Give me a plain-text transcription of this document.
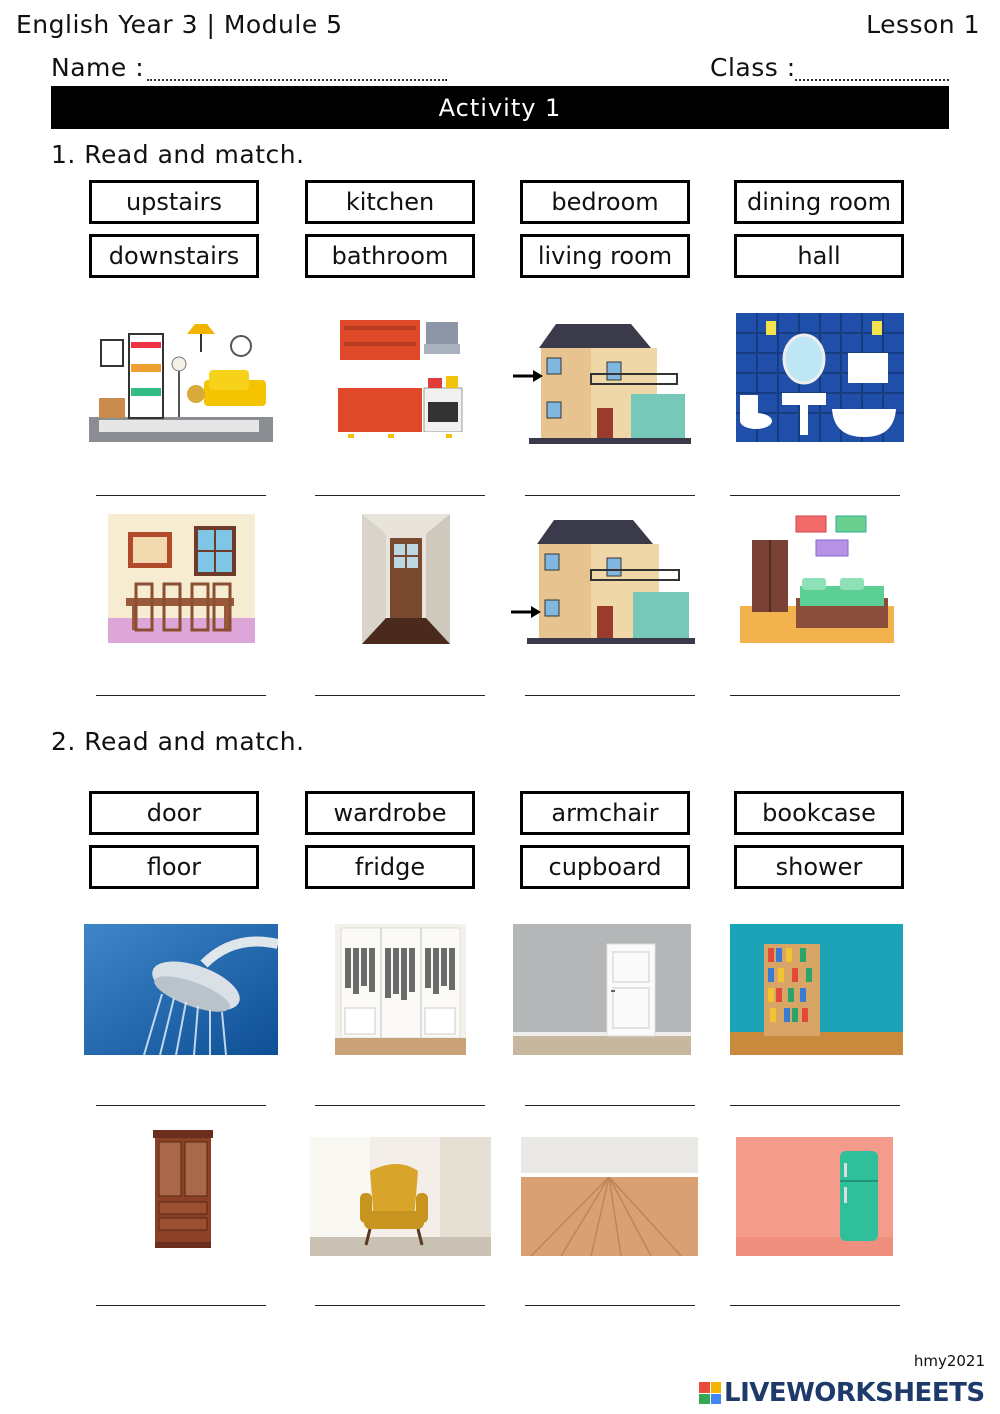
English Year 3 | Module 5	Lesson 1
Name :	Class :
Activity 1
1. Read and match.
upstairs	kitchen	bedroom	dining room
downstairs	bathroom	living room	hall
2. Read and match.
door	wardrobe	armchair	bookcase
floor	fridge	cupboard	shower
hmy2021
LIVEWORKSHEETS
